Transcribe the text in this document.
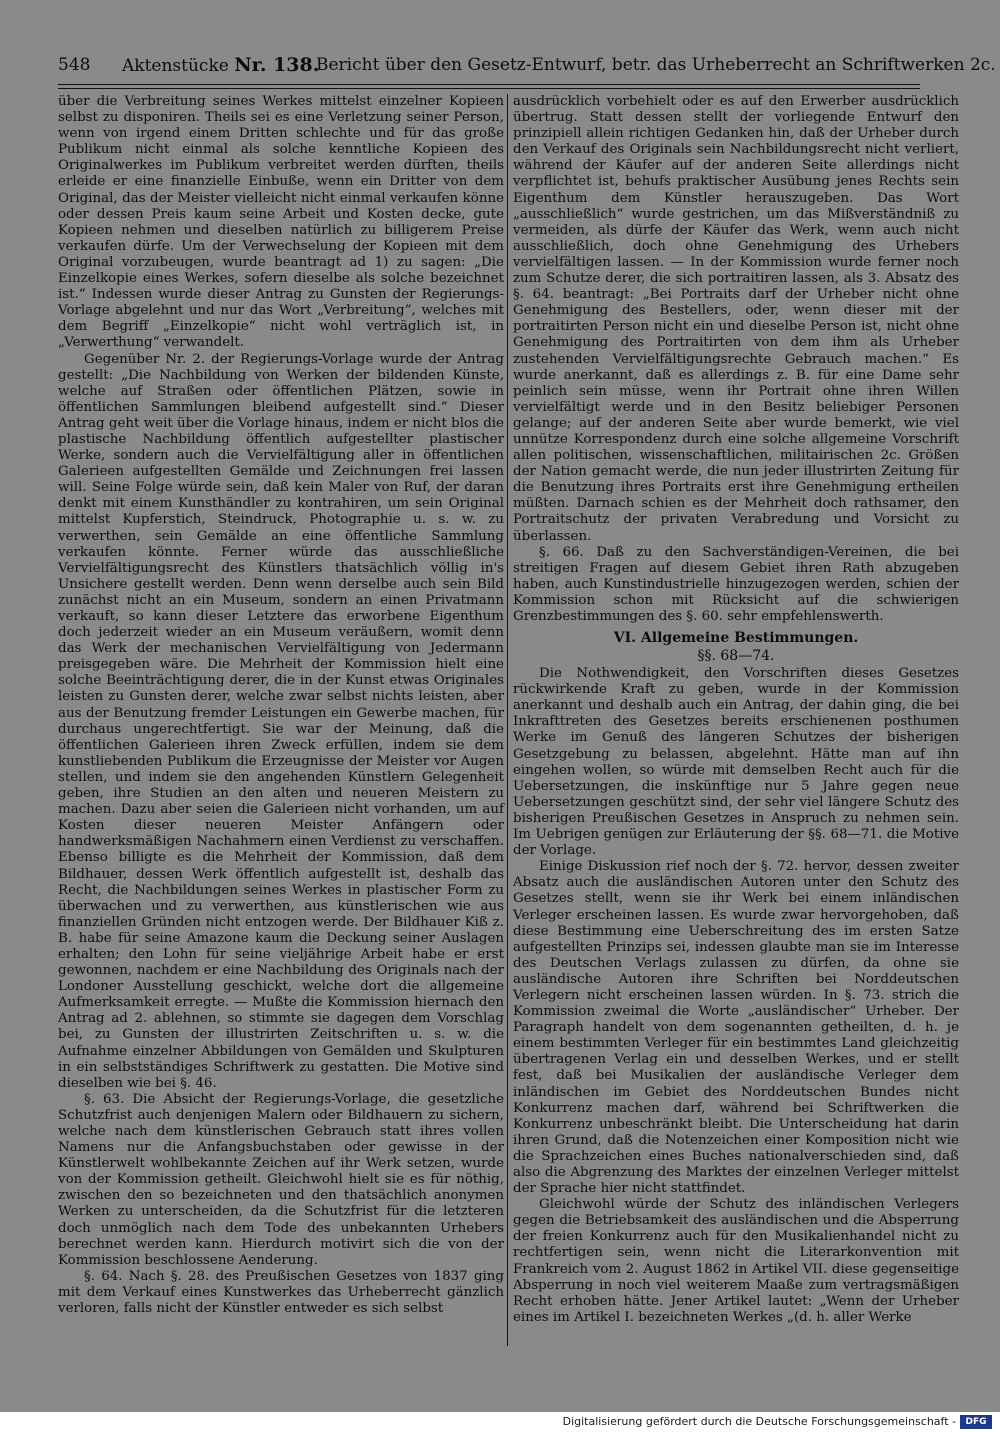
548 Aktenstücke Nr. 138.
Bericht über den Gesetz-Entwurf, betr. das Urheberrecht an Schriftwerken 2c.

über die Verbreitung seines Werkes mittelst einzelner Kopieen selbst zu disponiren. Theils sei es eine Verletzung seiner Person, wenn von irgend einem Dritten schlechte und für das große Publikum nicht einmal als solche kenntliche Kopieen des Originalwerkes im Publikum verbreitet werden dürften, theils erleide er eine finanzielle Einbuße, wenn ein Dritter von dem Original, das der Meister vielleicht nicht einmal verkaufen könne oder dessen Preis kaum seine Arbeit und Kosten decke, gute Kopieen nehmen und dieselben natürlich zu billigerem Preise verkaufen dürfe. Um der Verwechselung der Kopieen mit dem Original vorzubeugen, wurde beantragt ad 1) zu sagen: „Die Einzelkopie eines Werkes, sofern dieselbe als solche bezeichnet ist.“ Indessen wurde dieser Antrag zu Gunsten der Regierungs-Vorlage abgelehnt und nur das Wort „Verbreitung“, welches mit dem Begriff „Einzelkopie“ nicht wohl verträglich ist, in „Verwerthung“ verwandelt.

Gegenüber Nr. 2. der Regierungs-Vorlage wurde der Antrag gestellt: „Die Nachbildung von Werken der bildenden Künste, welche auf Straßen oder öffentlichen Plätzen, sowie in öffentlichen Sammlungen bleibend aufgestellt sind.“ Dieser Antrag geht weit über die Vorlage hinaus, indem er nicht blos die plastische Nachbildung öffentlich aufgestellter plastischer Werke, sondern auch die Vervielfältigung aller in öffentlichen Galerieen aufgestellten Gemälde und Zeichnungen frei lassen will. Seine Folge würde sein, daß kein Maler von Ruf, der daran denkt mit einem Kunsthändler zu kontrahiren, um sein Original mittelst Kupferstich, Steindruck, Photographie u. s. w. zu verwerthen, sein Gemälde an eine öffentliche Sammlung verkaufen könnte. Ferner würde das ausschließliche Vervielfältigungsrecht des Künstlers thatsächlich völlig in's Unsichere gestellt werden. Denn wenn derselbe auch sein Bild zunächst nicht an ein Museum, sondern an einen Privatmann verkauft, so kann dieser Letztere das erworbene Eigenthum doch jederzeit wieder an ein Museum veräußern, womit denn das Werk der mechanischen Vervielfältigung von Jedermann preisgegeben wäre. Die Mehrheit der Kommission hielt eine solche Beeinträchtigung derer, die in der Kunst etwas Originales leisten zu Gunsten derer, welche zwar selbst nichts leisten, aber aus der Benutzung fremder Leistungen ein Gewerbe machen, für durchaus ungerechtfertigt. Sie war der Meinung, daß die öffentlichen Galerieen ihren Zweck erfüllen, indem sie dem kunstliebenden Publikum die Erzeugnisse der Meister vor Augen stellen, und indem sie den angehenden Künstlern Gelegenheit geben, ihre Studien an den alten und neueren Meistern zu machen. Dazu aber seien die Galerieen nicht vorhanden, um auf Kosten dieser neueren Meister Anfängern oder handwerksmäßigen Nachahmern einen Verdienst zu verschaffen. Ebenso billigte es die Mehrheit der Kommission, daß dem Bildhauer, dessen Werk öffentlich aufgestellt ist, deshalb das Recht, die Nachbildungen seines Werkes in plastischer Form zu überwachen und zu verwerthen, aus künstlerischen wie aus finanziellen Gründen nicht entzogen werde. Der Bildhauer Kiß z. B. habe für seine Amazone kaum die Deckung seiner Auslagen erhalten; den Lohn für seine vieljährige Arbeit habe er erst gewonnen, nachdem er eine Nachbildung des Originals nach der Londoner Ausstellung geschickt, welche dort die allgemeine Aufmerksamkeit erregte. — Mußte die Kommission hiernach den Antrag ad 2. ablehnen, so stimmte sie dagegen dem Vorschlag bei, zu Gunsten der illustrirten Zeitschriften u. s. w. die Aufnahme einzelner Abbildungen von Gemälden und Skulpturen in ein selbstständiges Schriftwerk zu gestatten. Die Motive sind dieselben wie bei §. 46.

§. 63. Die Absicht der Regierungs-Vorlage, die gesetzliche Schutzfrist auch denjenigen Malern oder Bildhauern zu sichern, welche nach dem künstlerischen Gebrauch statt ihres vollen Namens nur die Anfangsbuchstaben oder gewisse in der Künstlerwelt wohlbekannte Zeichen auf ihr Werk setzen, wurde von der Kommission getheilt. Gleichwohl hielt sie es für nöthig, zwischen den so bezeichneten und den thatsächlich anonymen Werken zu unterscheiden, da die Schutzfrist für die letzteren doch unmöglich nach dem Tode des unbekannten Urhebers berechnet werden kann. Hierdurch motivirt sich die von der Kommission beschlossene Aenderung.

§. 64. Nach §. 28. des Preußischen Gesetzes von 1837 ging mit dem Verkauf eines Kunstwerkes das Urheberrecht gänzlich verloren, falls nicht der Künstler entweder es sich selbst

ausdrücklich vorbehielt oder es auf den Erwerber ausdrücklich übertrug. Statt dessen stellt der vorliegende Entwurf den prinzipiell allein richtigen Gedanken hin, daß der Urheber durch den Verkauf des Originals sein Nachbildungsrecht nicht verliert, während der Käufer auf der anderen Seite allerdings nicht verpflichtet ist, behufs praktischer Ausübung jenes Rechts sein Eigenthum dem Künstler herauszugeben. Das Wort „ausschließlich“ wurde gestrichen, um das Mißverständniß zu vermeiden, als dürfe der Käufer das Werk, wenn auch nicht ausschließlich, doch ohne Genehmigung des Urhebers vervielfältigen lassen. — In der Kommission wurde ferner noch zum Schutze derer, die sich portraitiren lassen, als 3. Absatz des §. 64. beantragt: „Bei Portraits darf der Urheber nicht ohne Genehmigung des Bestellers, oder, wenn dieser mit der portraitirten Person nicht ein und dieselbe Person ist, nicht ohne Genehmigung des Portraitirten von dem ihm als Urheber zustehenden Vervielfältigungsrechte Gebrauch machen.“ Es wurde anerkannt, daß es allerdings z. B. für eine Dame sehr peinlich sein müsse, wenn ihr Portrait ohne ihren Willen vervielfältigt werde und in den Besitz beliebiger Personen gelange; auf der anderen Seite aber wurde bemerkt, wie viel unnütze Korrespondenz durch eine solche allgemeine Vorschrift allen politischen, wissenschaftlichen, militairischen 2c. Größen der Nation gemacht werde, die nun jeder illustrirten Zeitung für die Benutzung ihres Portraits erst ihre Genehmigung ertheilen müßten. Darnach schien es der Mehrheit doch rathsamer, den Portraitschutz der privaten Verabredung und Vorsicht zu überlassen.

§. 66. Daß zu den Sachverständigen-Vereinen, die bei streitigen Fragen auf diesem Gebiet ihren Rath abzugeben haben, auch Kunstindustrielle hinzugezogen werden, schien der Kommission schon mit Rücksicht auf die schwierigen Grenzbestimmungen des §. 60. sehr empfehlenswerth.

VI. Allgemeine Bestimmungen.
§§. 68—74.

Die Nothwendigkeit, den Vorschriften dieses Gesetzes rückwirkende Kraft zu geben, wurde in der Kommission anerkannt und deshalb auch ein Antrag, der dahin ging, die bei Inkrafttreten des Gesetzes bereits erschienenen posthumen Werke im Genuß des längeren Schutzes der bisherigen Gesetzgebung zu belassen, abgelehnt. Hätte man auf ihn eingehen wollen, so würde mit demselben Recht auch für die Uebersetzungen, die inskünftige nur 5 Jahre gegen neue Uebersetzungen geschützt sind, der sehr viel längere Schutz des bisherigen Preußischen Gesetzes in Anspruch zu nehmen sein. Im Uebrigen genügen zur Erläuterung der §§. 68—71. die Motive der Vorlage.

Einige Diskussion rief noch der §. 72. hervor, dessen zweiter Absatz auch die ausländischen Autoren unter den Schutz des Gesetzes stellt, wenn sie ihr Werk bei einem inländischen Verleger erscheinen lassen. Es wurde zwar hervorgehoben, daß diese Bestimmung eine Ueberschreitung des im ersten Satze aufgestellten Prinzips sei, indessen glaubte man sie im Interesse des Deutschen Verlags zulassen zu dürfen, da ohne sie ausländische Autoren ihre Schriften bei Norddeutschen Verlegern nicht erscheinen lassen würden. In §. 73. strich die Kommission zweimal die Worte „ausländischer“ Urheber. Der Paragraph handelt von dem sogenannten getheilten, d. h. je einem bestimmten Verleger für ein bestimmtes Land gleichzeitig übertragenen Verlag ein und desselben Werkes, und er stellt fest, daß bei Musikalien der ausländische Verleger dem inländischen im Gebiet des Norddeutschen Bundes nicht Konkurrenz machen darf, während bei Schriftwerken die Konkurrenz unbeschränkt bleibt. Die Unterscheidung hat darin ihren Grund, daß die Notenzeichen einer Komposition nicht wie die Sprachzeichen eines Buches nationalverschieden sind, daß also die Abgrenzung des Marktes der einzelnen Verleger mittelst der Sprache hier nicht stattfindet.

Gleichwohl würde der Schutz des inländischen Verlegers gegen die Betriebsamkeit des ausländischen und die Absperrung der freien Konkurrenz auch für den Musikalienhandel nicht zu rechtfertigen sein, wenn nicht die Literarkonvention mit Frankreich vom 2. August 1862 in Artikel VII. diese gegenseitige Absperrung in noch viel weiterem Maaße zum vertragsmäßigen Recht erhoben hätte. Jener Artikel lautet: „Wenn der Urheber eines im Artikel I. bezeichneten Werkes „(d. h. aller Werke

Digitalisierung gefördert durch die Deutsche Forschungsgemeinschaft -	DFG
